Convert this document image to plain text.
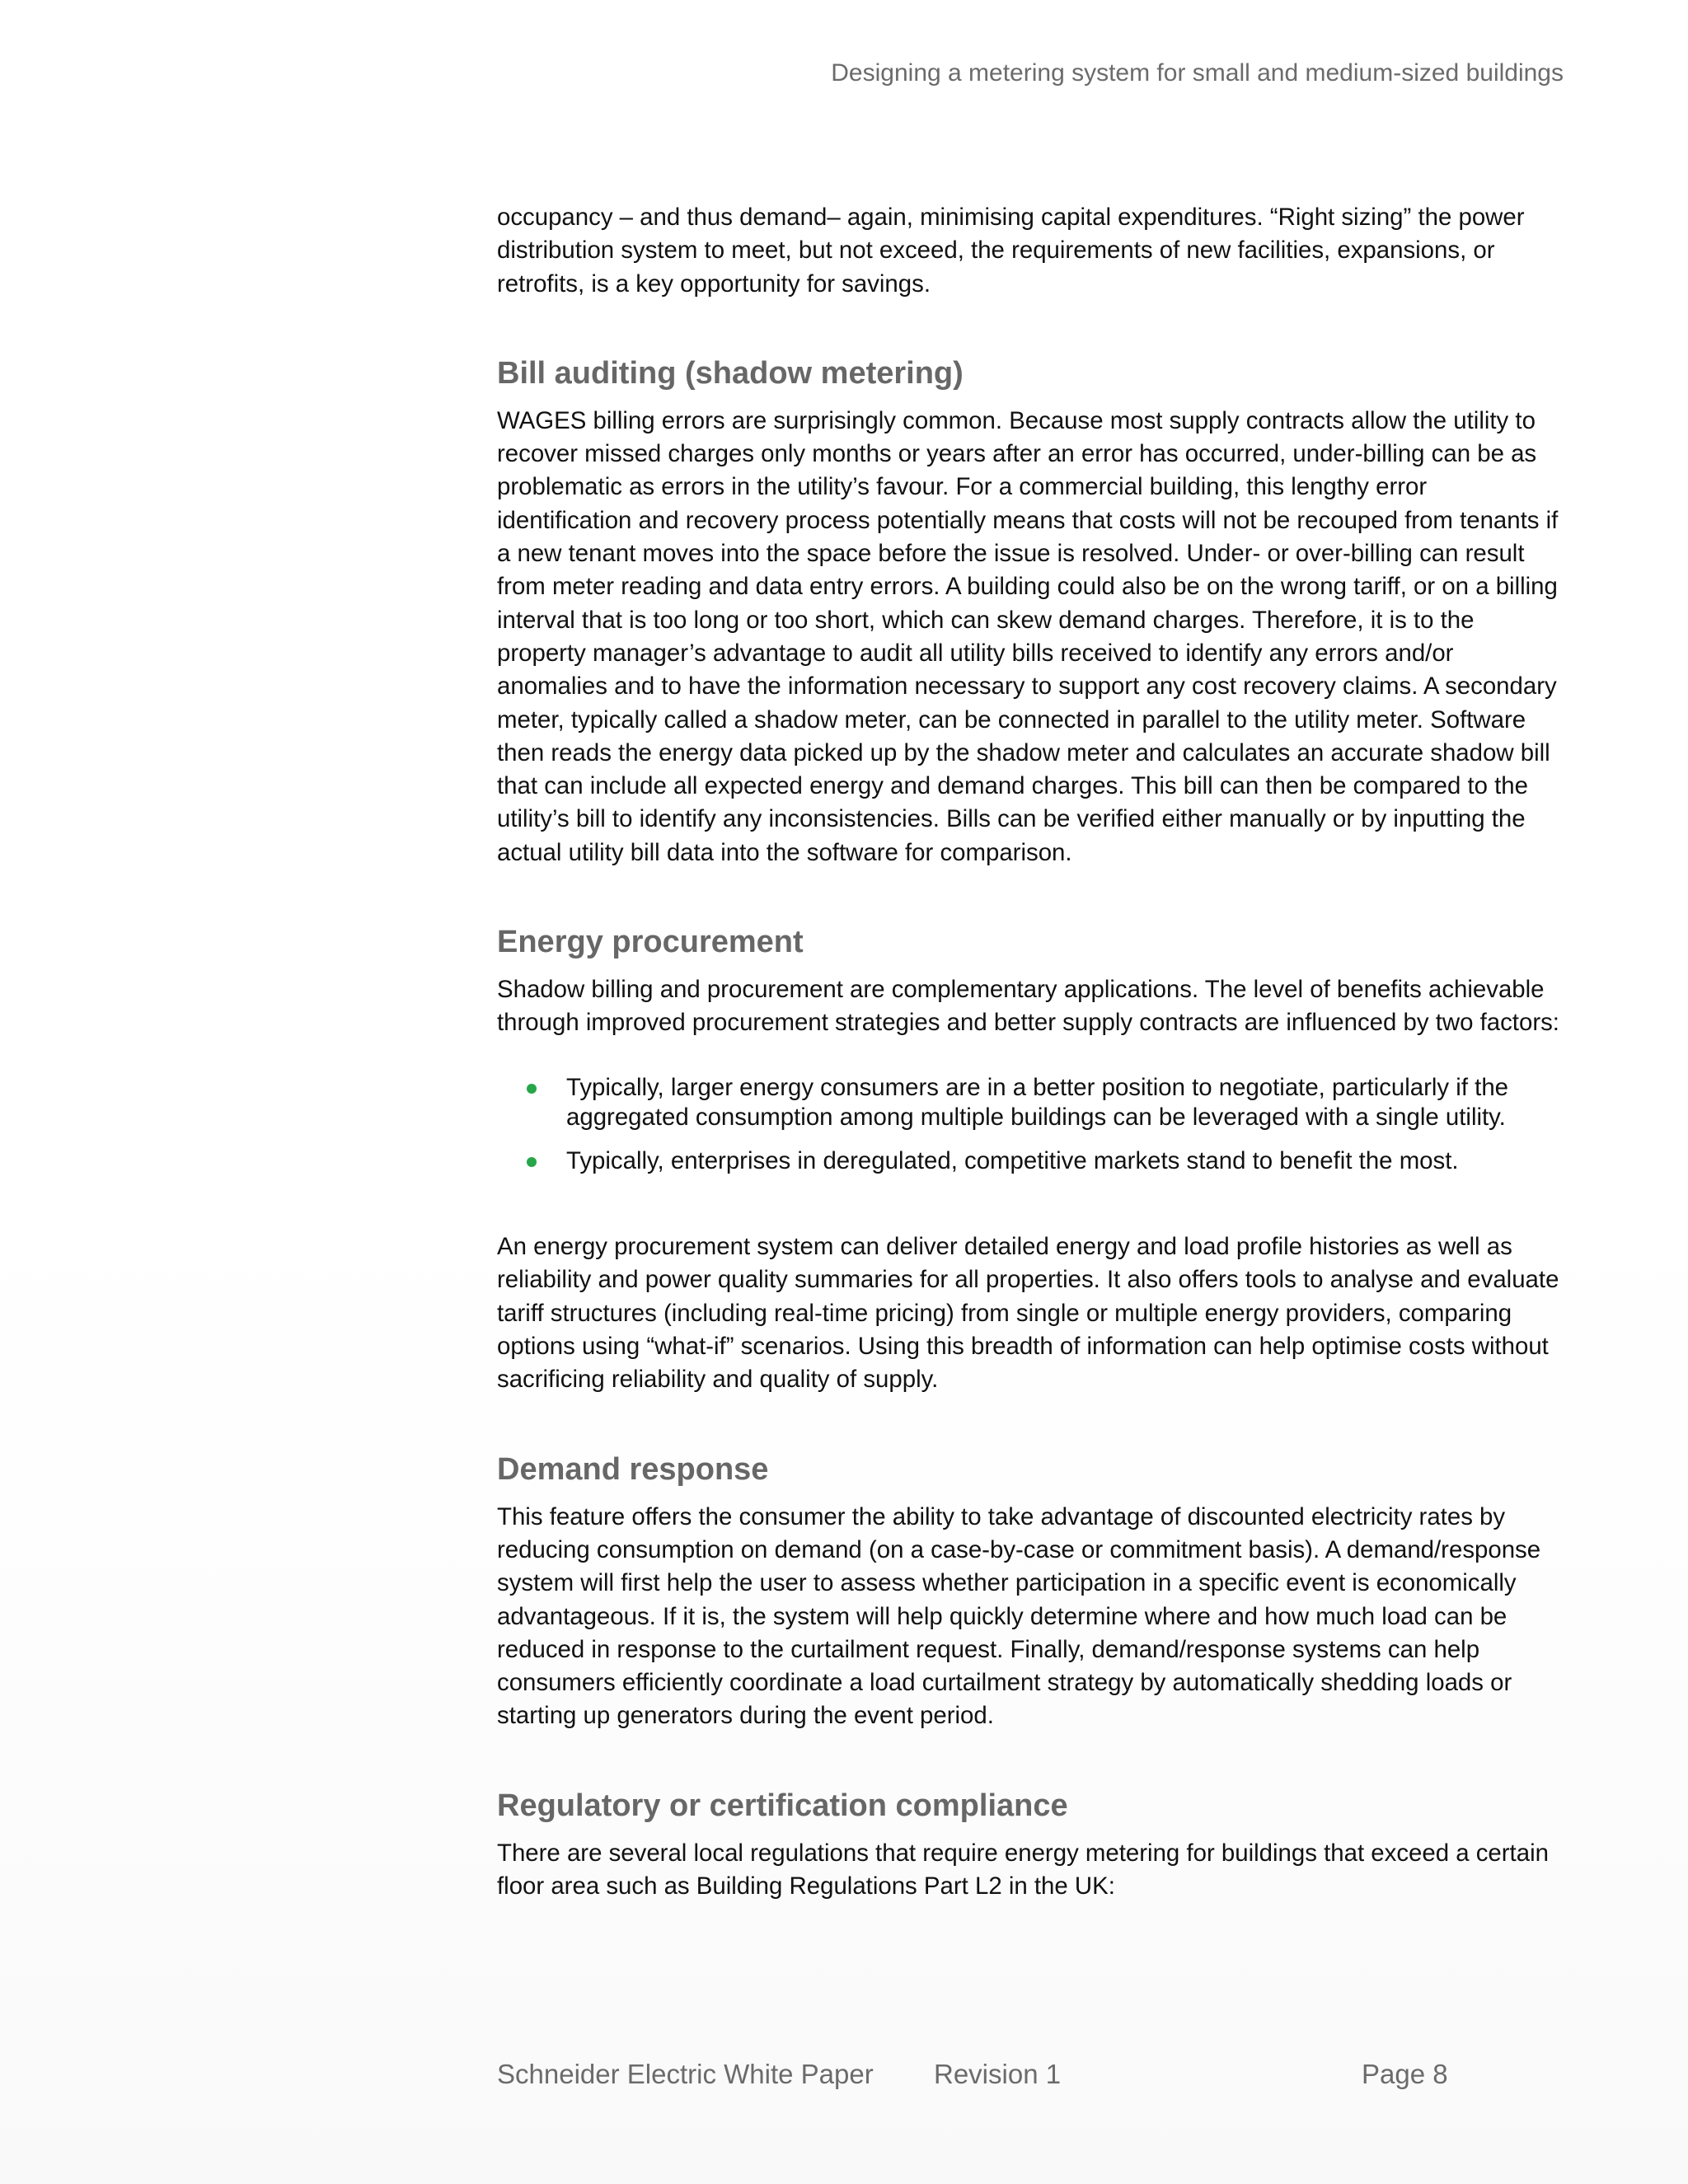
Designing a metering system for small and medium-sized buildings

occupancy – and thus demand– again, minimising capital expenditures. “Right sizing” the power distribution system to meet, but not exceed, the requirements of new facilities, expansions, or retrofits, is a key opportunity for savings.

Bill auditing (shadow metering)

WAGES billing errors are surprisingly common. Because most supply contracts allow the utility to recover missed charges only months or years after an error has occurred, under-billing can be as problematic as errors in the utility’s favour. For a commercial building, this lengthy error identification and recovery process potentially means that costs will not be recouped from tenants if a new tenant moves into the space before the issue is resolved. Under- or over-billing can result from meter reading and data entry errors. A building could also be on the wrong tariff, or on a billing interval that is too long or too short, which can skew demand charges. Therefore, it is to the property manager’s advantage to audit all utility bills received to identify any errors and/or anomalies and to have the information necessary to support any cost recovery claims. A secondary meter, typically called a shadow meter, can be connected in parallel to the utility meter. Software then reads the energy data picked up by the shadow meter and calculates an accurate shadow bill that can include all expected energy and demand charges. This bill can then be compared to the utility’s bill to identify any inconsistencies. Bills can be verified either manually or by inputting the actual utility bill data into the software for comparison.

Energy procurement

Shadow billing and procurement are complementary applications. The level of benefits achievable through improved procurement strategies and better supply contracts are influenced by two factors:

Typically, larger energy consumers are in a better position to negotiate, particularly if the aggregated consumption among multiple buildings can be leveraged with a single utility.
Typically, enterprises in deregulated, competitive markets stand to benefit the most.

An energy procurement system can deliver detailed energy and load profile histories as well as reliability and power quality summaries for all properties. It also offers tools to analyse and evaluate tariff structures (including real-time pricing) from single or multiple energy providers, comparing options using “what-if” scenarios. Using this breadth of information can help optimise costs without sacrificing reliability and quality of supply.

Demand response

This feature offers the consumer the ability to take advantage of discounted electricity rates by reducing consumption on demand (on a case-by-case or commitment basis). A demand/response system will first help the user to assess whether participation in a specific event is economically advantageous. If it is, the system will help quickly determine where and how much load can be reduced in response to the curtailment request. Finally, demand/response systems can help consumers efficiently coordinate a load curtailment strategy by automatically shedding loads or starting up generators during the event period.

Regulatory or certification compliance

There are several local regulations that require energy metering for buildings that exceed a certain floor area such as Building Regulations Part L2 in the UK:

Schneider Electric White Paper Revision 1	Page 8
